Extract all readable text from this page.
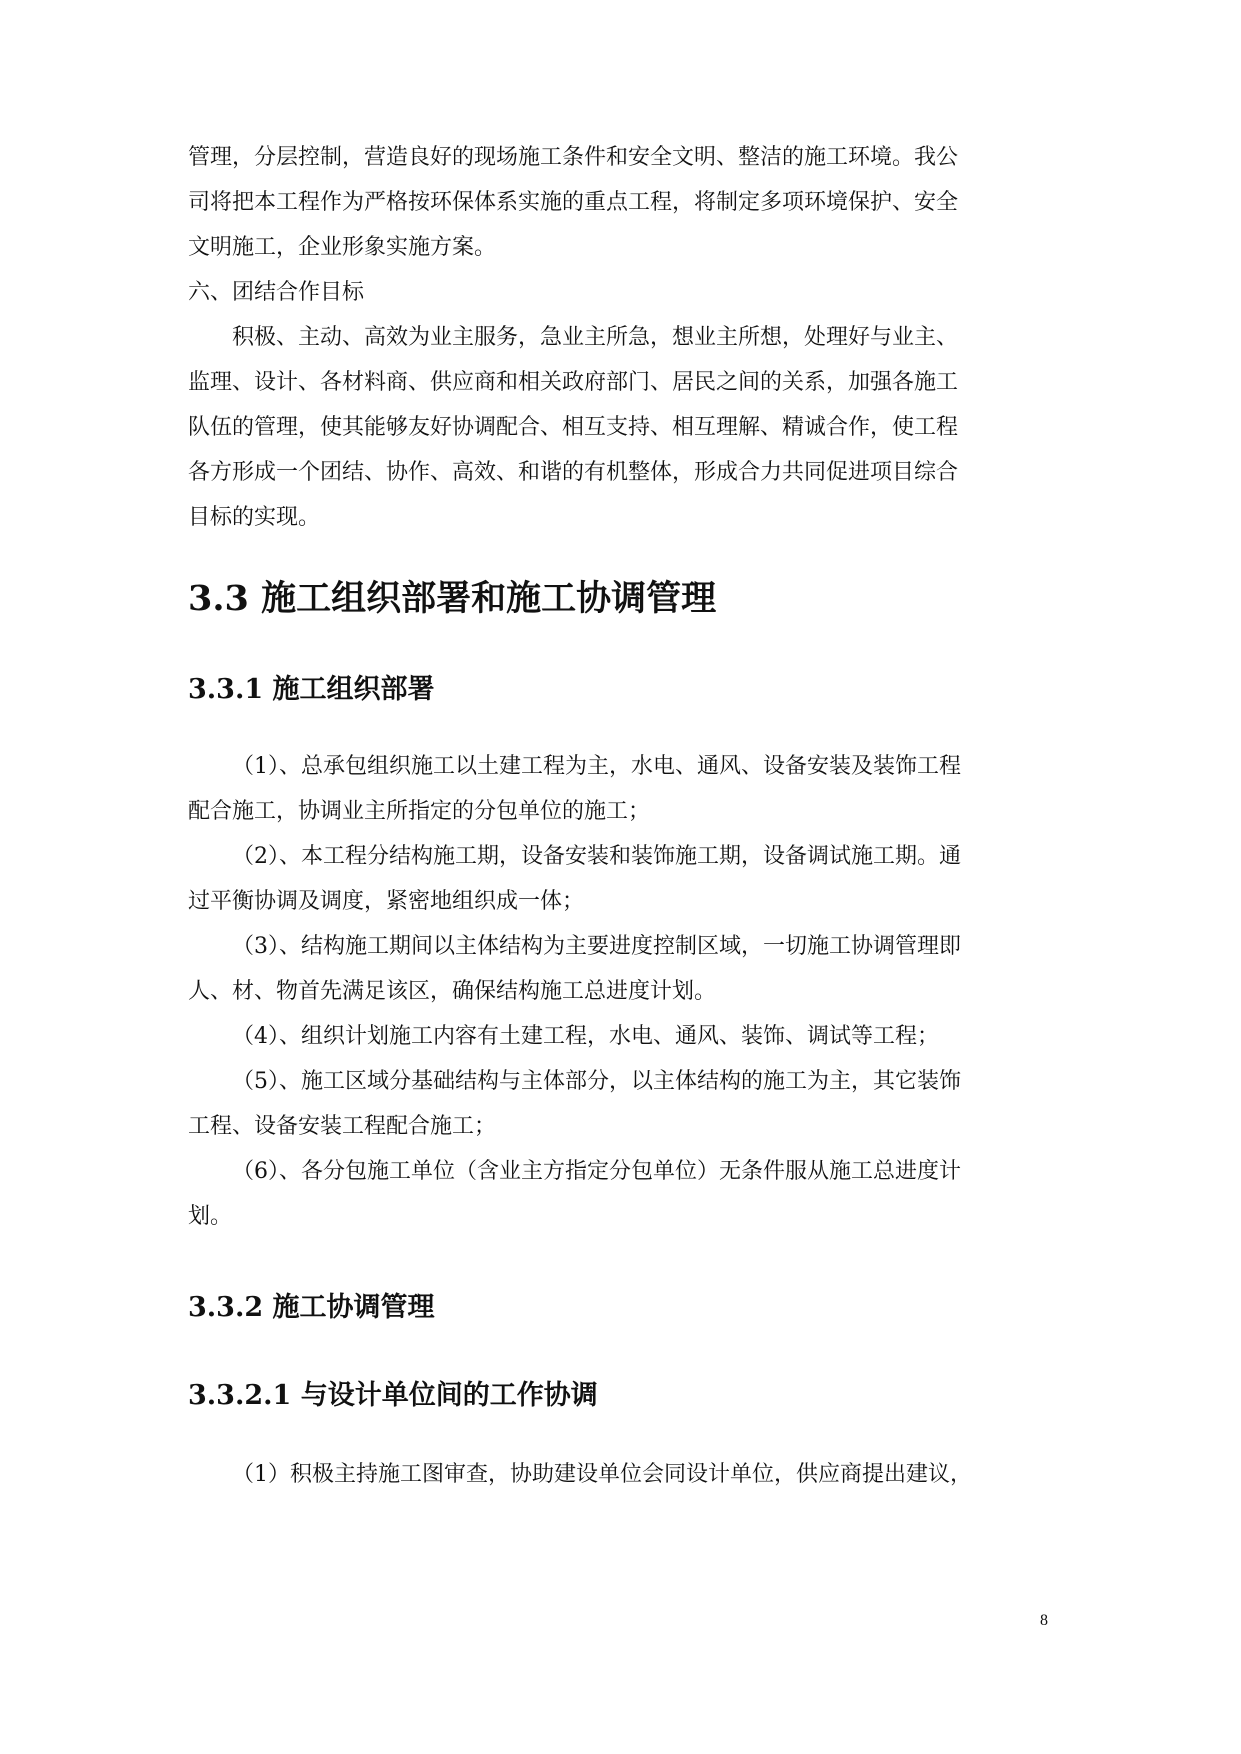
管理，分层控制，营造良好的现场施工条件和安全文明、整洁的施工环境。我公
司将把本工程作为严格按环保体系实施的重点工程，将制定多项环境保护、安全
文明施工，企业形象实施方案。
六、团结合作目标
积极、主动、高效为业主服务，急业主所急，想业主所想，处理好与业主、
监理、设计、各材料商、供应商和相关政府部门、居民之间的关系，加强各施工
队伍的管理，使其能够友好协调配合、相互支持、相互理解、精诚合作，使工程
各方形成一个团结、协作、高效、和谐的有机整体，形成合力共同促进项目综合
目标的实现。
3.3 施工组织部署和施工协调管理
3.3.1 施工组织部署
（1）、总承包组织施工以土建工程为主，水电、通风、设备安装及装饰工程
配合施工，协调业主所指定的分包单位的施工；
（2）、本工程分结构施工期，设备安装和装饰施工期，设备调试施工期。通
过平衡协调及调度，紧密地组织成一体；
（3）、结构施工期间以主体结构为主要进度控制区域，一切施工协调管理即
人、材、物首先满足该区，确保结构施工总进度计划。
（4）、组织计划施工内容有土建工程，水电、通风、装饰、调试等工程；
（5）、施工区域分基础结构与主体部分，以主体结构的施工为主，其它装饰
工程、设备安装工程配合施工；
（6）、各分包施工单位（含业主方指定分包单位）无条件服从施工总进度计
划。
3.3.2 施工协调管理
3.3.2.1 与设计单位间的工作协调
（1）积极主持施工图审查，协助建设单位会同设计单位，供应商提出建议，
8
